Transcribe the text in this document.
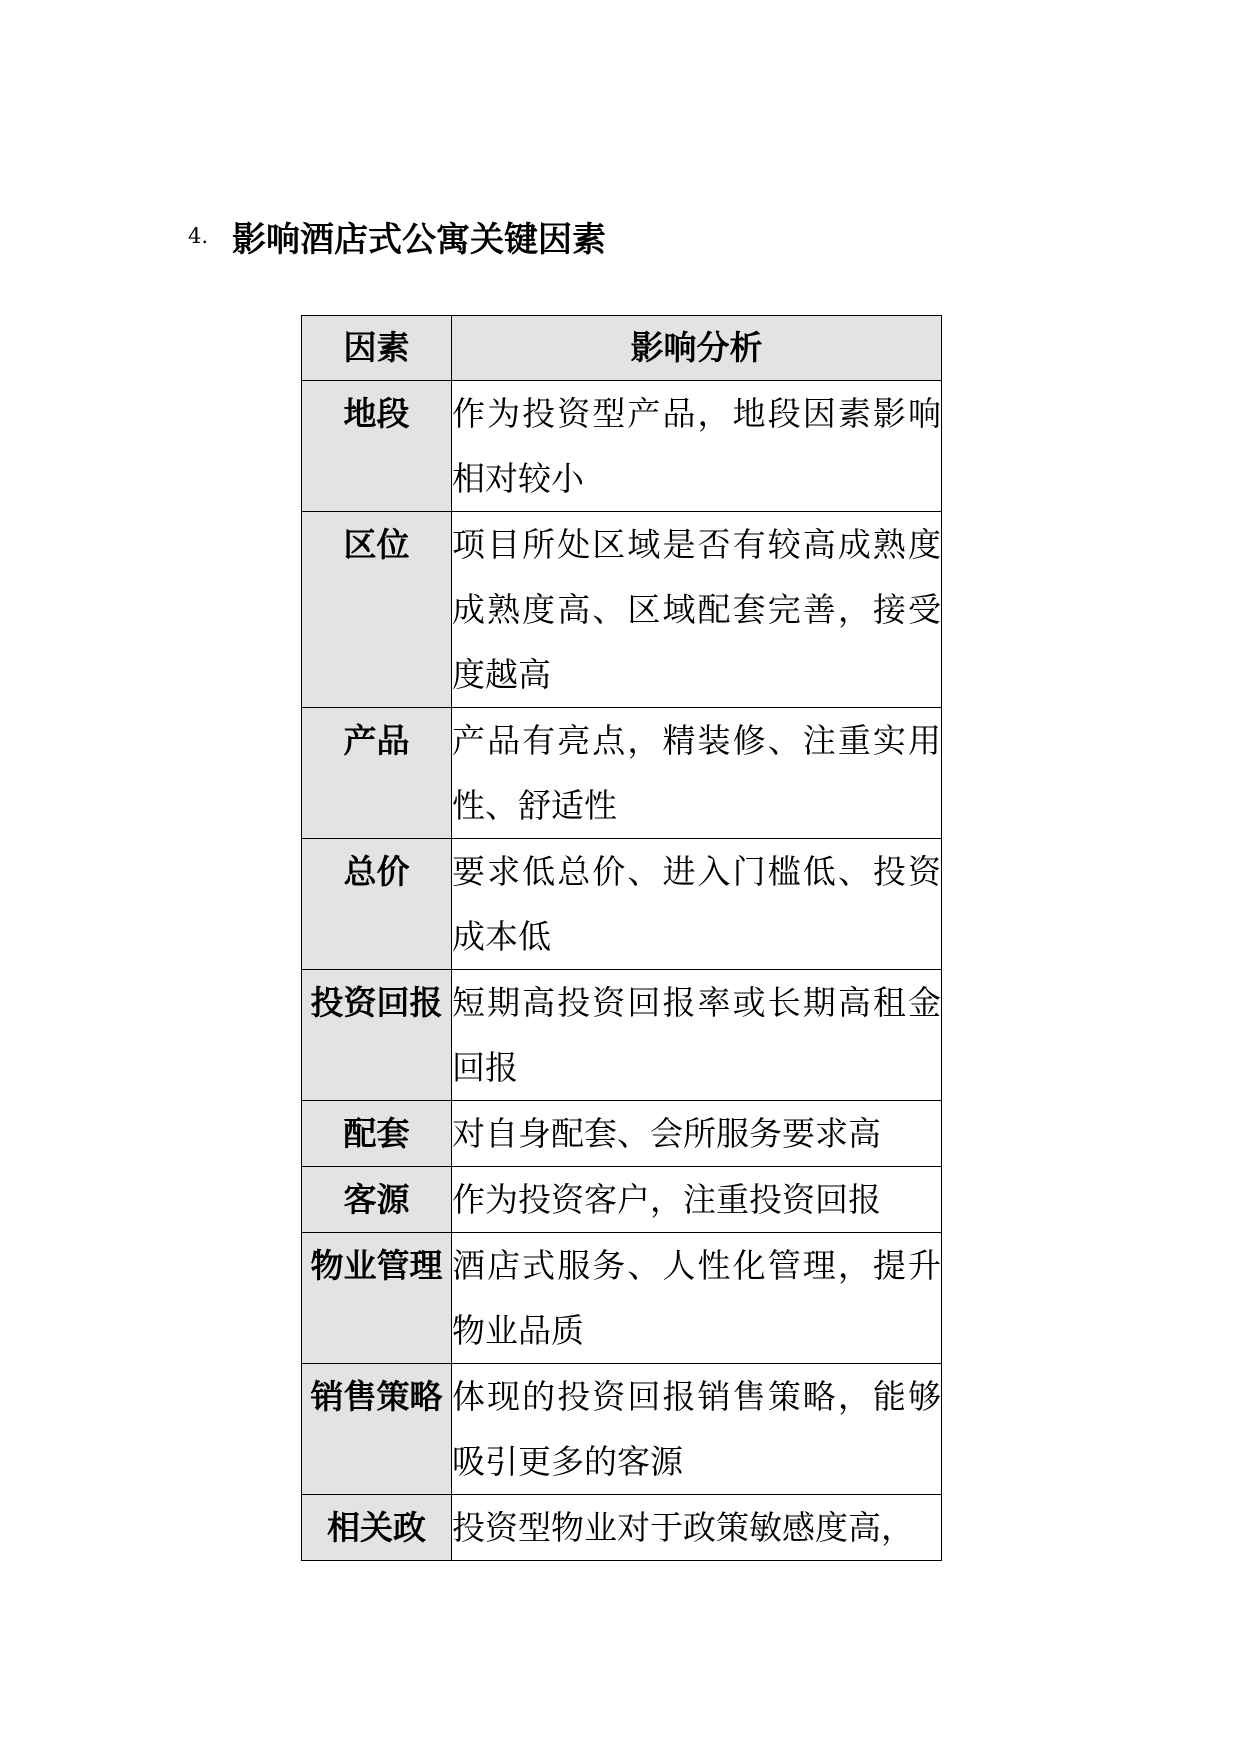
4. 影响酒店式公寓关键因素
因素	影响分析
地段	作为投资型产品，地段因素影响相对较小
区位	项目所处区域是否有较高成熟度成熟度高、区域配套完善，接受度越高
产品	产品有亮点，精装修、注重实用性、舒适性
总价	要求低总价、进入门槛低、投资成本低
投资回报	短期高投资回报率或长期高租金回报
配套	对自身配套、会所服务要求高
客源	作为投资客户，注重投资回报
物业管理	酒店式服务、人性化管理，提升物业品质
销售策略	体现的投资回报销售策略，能够吸引更多的客源
相关政	投资型物业对于政策敏感度高，
